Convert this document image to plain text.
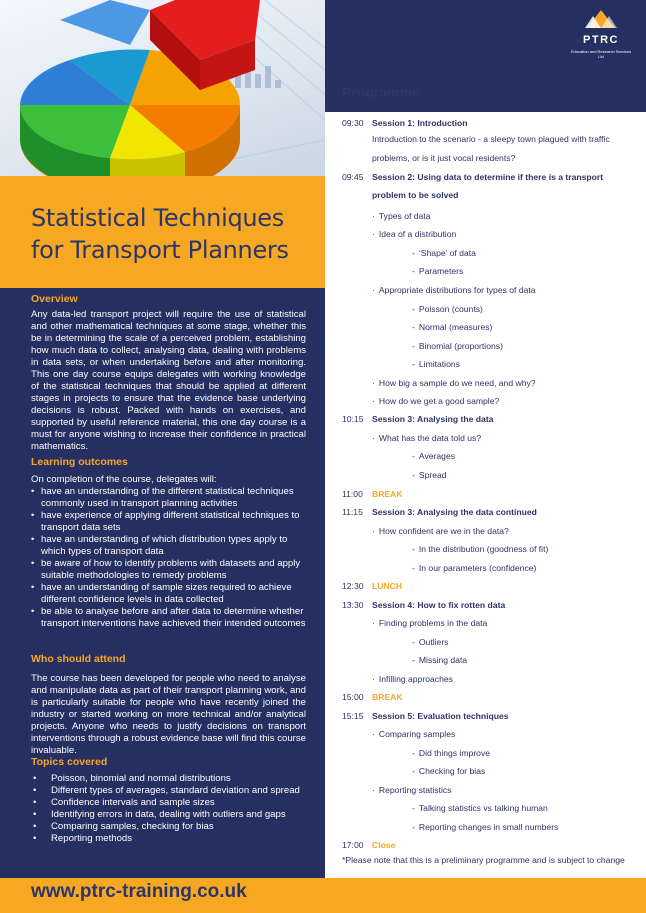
PTRC
Education and Research Services Ltd
Statistical Techniques for Transport Planners
Overview
Any data-led transport project will require the use of statistical and other mathematical techniques at some stage, whether this be in determining the scale of a perceived problem, establishing how much data to collect, analysing data, dealing with problems in data sets, or when undertaking before and after monitoring. This one day course equips delegates with working knowledge of the statistical techniques that should be applied at different stages in projects to ensure that the evidence base underlying decisions is robust. Packed with hands on exercises, and supported by useful reference material, this one day course is a must for anyone wishing to increase their confidence in practical mathematics.
Learning outcomes
On completion of the course, delegates will:
• have an understanding of the different statistical techniques commonly used in transport planning activities
• have experience of applying different statistical techniques to transport data sets
• have an understanding of which distribution types apply to which types of transport data
• be aware of how to identify problems with datasets and apply suitable methodologies to remedy problems
• have an understanding of sample sizes required to achieve different confidence levels in data collected
• be able to analyse before and after data to determine whether transport interventions have achieved their intended outcomes
Who should attend
The course has been developed for people who need to analyse and manipulate data as part of their transport planning work, and is particularly suitable for people who have recently joined the industry or started working on more technical and/or analytical projects. Anyone who needs to justify decisions on transport interventions through a robust evidence base will find this course invaluable.
Topics covered
• Poisson, binomial and normal distributions
• Different types of averages, standard deviation and spread
• Confidence intervals and sample sizes
• Identifying errors in data, dealing with outliers and gaps
• Comparing samples, checking for bias
• Reporting methods
Programme*
09:30 Session 1: Introduction
Introduction to the scenario - a sleepy town plagued with traffic
problems, or is it just vocal residents?
09:45 Session 2: Using data to determine if there is a transport
problem to be solved
· Types of data
· Idea of a distribution
- ‘Shape’ of data
- Parameters
· Appropriate distributions for types of data
- Poisson (counts)
- Normal (measures)
- Binomial (proportions)
- Limitations
· How big a sample do we need, and why?
· How do we get a good sample?
10:15 Session 3: Analysing the data
· What has the data told us?
- Averages
- Spread
11:00	BREAK
11:15	Session 3: Analysing the data continued
· How confident are we in the data?
- In the distribution (goodness of fit)
- In our parameters (confidence)
12:30 LUNCH
13:30 Session 4: How to fix rotten data
· Finding problems in the data
- Outliers
- Missing data
· Infilling approaches
15:00 BREAK
15:15 Session 5: Evaluation techniques
· Comparing samples
- Did things improve
- Checking for bias
· Reporting statistics
- Talking statistics vs talking human
- Reporting changes in small numbers
17:00 Close
*Please note that this is a preliminary programme and is subject to change
www.ptrc-training.co.uk
